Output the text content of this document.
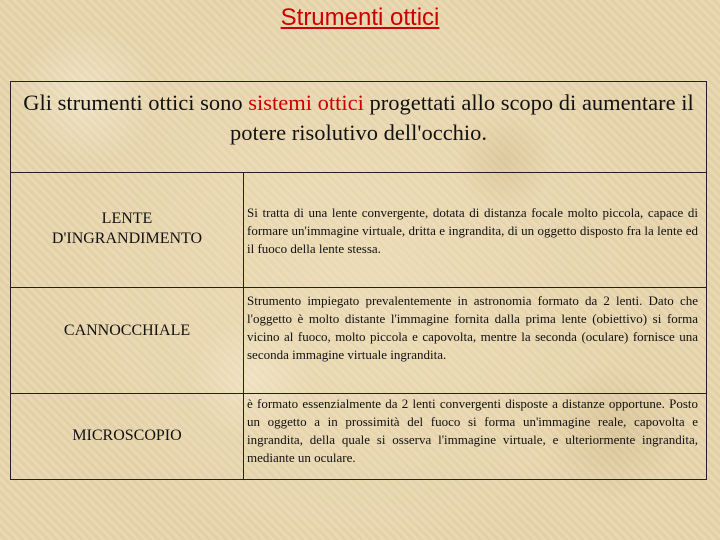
Strumenti ottici
Gli strumenti ottici sono sistemi ottici progettati allo scopo di aumentare il potere risolutivo dell'occhio.
LENTE
D'INGRANDIMENTO
Si tratta di una lente convergente, dotata di distanza focale molto piccola, capace di formare un'immagine virtuale, dritta e ingrandita, di un oggetto disposto fra la lente ed il fuoco della lente stessa.
CANNOCCHIALE
Strumento impiegato prevalentemente in astronomia formato da 2 lenti. Dato che l'oggetto è molto distante l'immagine fornita dalla prima lente (obiettivo) si forma vicino al fuoco, molto piccola e capovolta, mentre la seconda (oculare) fornisce una seconda immagine virtuale ingrandita.
MICROSCOPIO
è formato essenzialmente da 2 lenti convergenti disposte a distanze opportune. Posto un oggetto a in prossimità del fuoco si forma un'immagine reale, capovolta e ingrandita, della quale si osserva l'immagine virtuale, e ulteriormente ingrandita, mediante un oculare.
